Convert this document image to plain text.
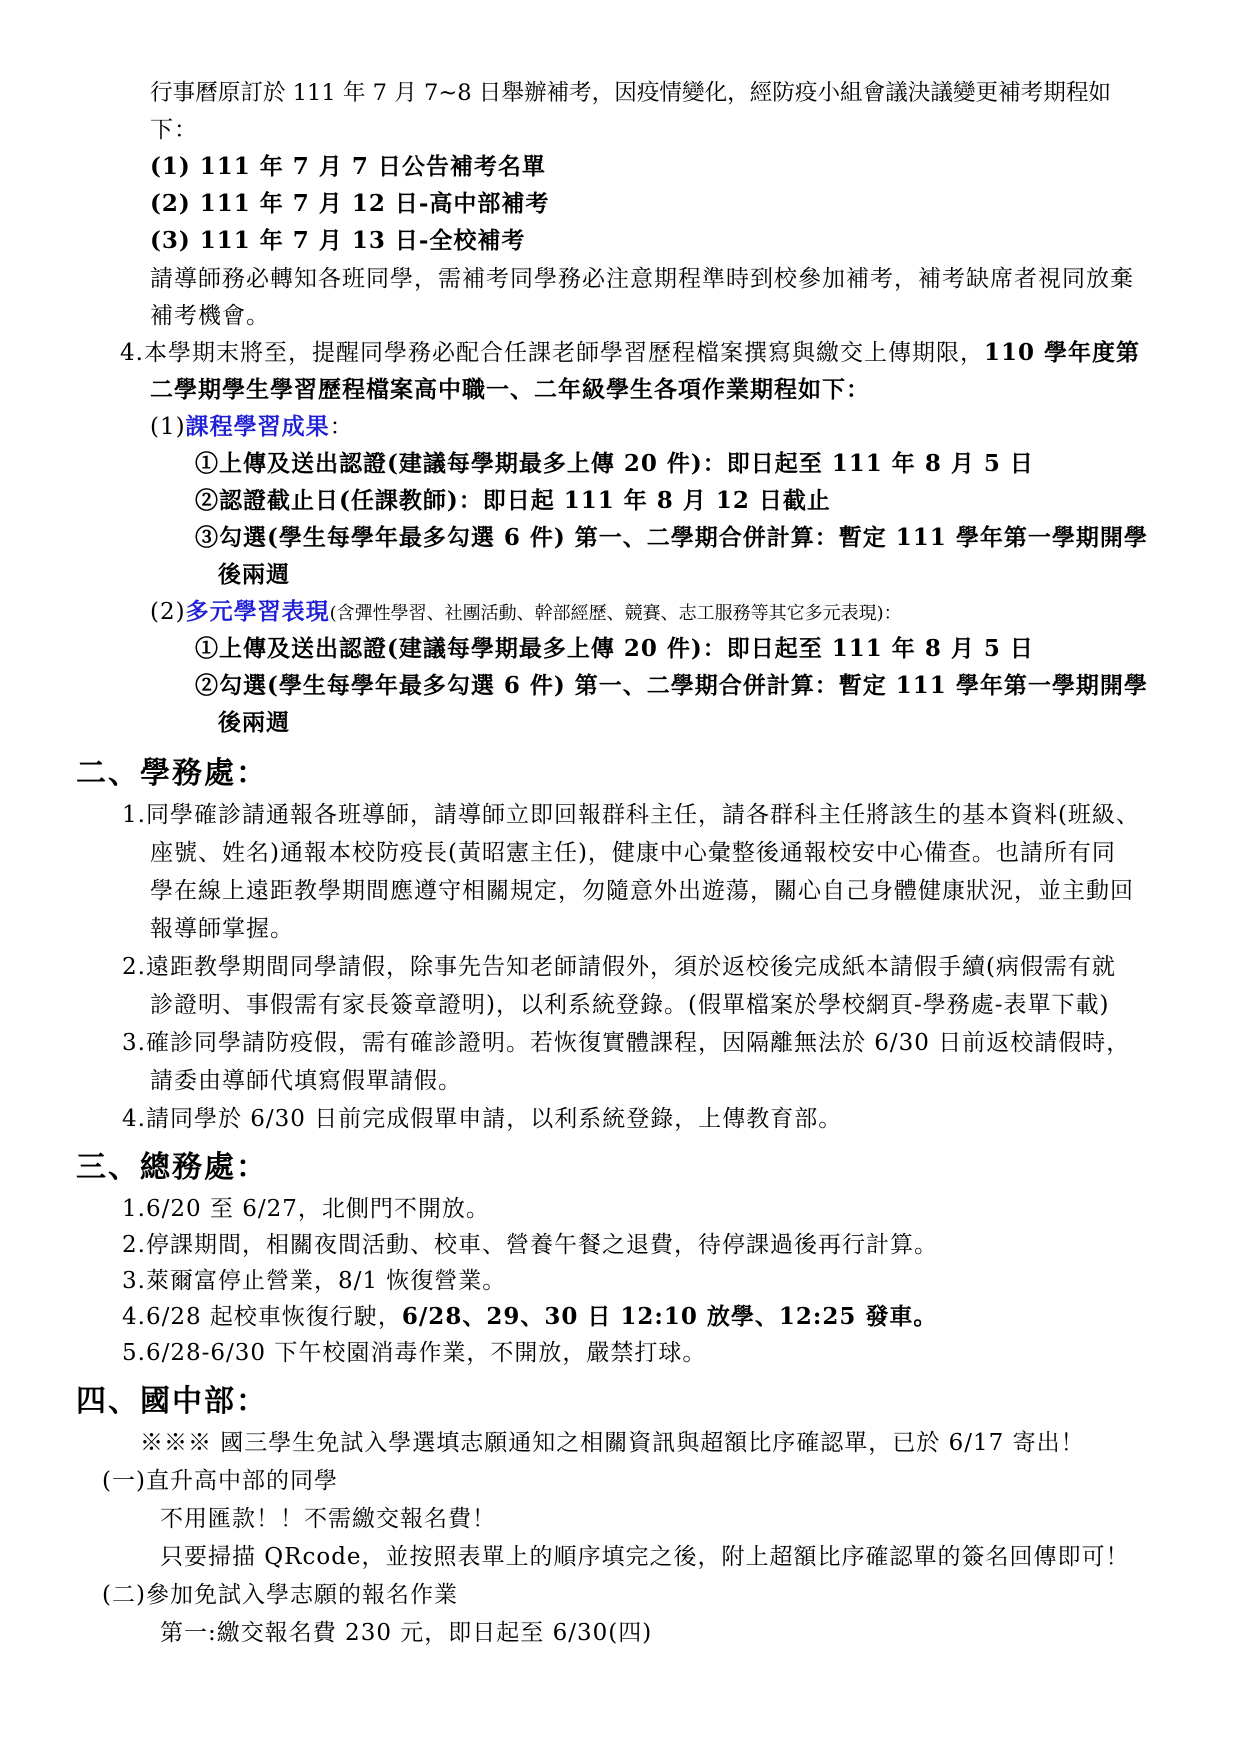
行事曆原訂於 111 年 7 月 7~8 日舉辦補考，因疫情變化，經防疫小組會議決議變更補考期程如
下：
(1) 111 年 7 月 7 日公告補考名單
(2) 111 年 7 月 12 日-高中部補考
(3) 111 年 7 月 13 日-全校補考
請導師務必轉知各班同學，需補考同學務必注意期程準時到校參加補考，補考缺席者視同放棄
補考機會。
4.本學期末將至，提醒同學務必配合任課老師學習歷程檔案撰寫與繳交上傳期限，110 學年度第
二學期學生學習歷程檔案高中職一、二年級學生各項作業期程如下：
(1)課程學習成果：
①上傳及送出認證(建議每學期最多上傳 20 件)：即日起至 111 年 8 月 5 日
②認證截止日(任課教師)：即日起 111 年 8 月 12 日截止
③勾選(學生每學年最多勾選 6 件) 第一、二學期合併計算：暫定 111 學年第一學期開學
後兩週
(2)多元學習表現(含彈性學習、社團活動、幹部經歷、競賽、志工服務等其它多元表現)：
①上傳及送出認證(建議每學期最多上傳 20 件)：即日起至 111 年 8 月 5 日
②勾選(學生每學年最多勾選 6 件) 第一、二學期合併計算：暫定 111 學年第一學期開學
後兩週
二、學務處：
1.同學確診請通報各班導師，請導師立即回報群科主任，請各群科主任將該生的基本資料(班級、
座號、姓名)通報本校防疫長(黃昭憲主任)，健康中心彙整後通報校安中心備查。也請所有同
學在線上遠距教學期間應遵守相關規定，勿隨意外出遊蕩，關心自己身體健康狀況，並主動回
報導師掌握。
2.遠距教學期間同學請假，除事先告知老師請假外，須於返校後完成紙本請假手續(病假需有就
診證明、事假需有家長簽章證明)，以利系統登錄。(假單檔案於學校網頁-學務處-表單下載)
3.確診同學請防疫假，需有確診證明。若恢復實體課程，因隔離無法於 6/30 日前返校請假時，
請委由導師代填寫假單請假。
4.請同學於 6/30 日前完成假單申請，以利系統登錄，上傳教育部。
三、總務處：
1.6/20 至 6/27，北側門不開放。
2.停課期間，相關夜間活動、校車、營養午餐之退費，待停課過後再行計算。
3.萊爾富停止營業，8/1 恢復營業。
4.6/28 起校車恢復行駛，6/28、29、30 日 12:10 放學、12:25 發車。
5.6/28-6/30 下午校園消毒作業，不開放，嚴禁打球。
四、國中部：
※※※ 國三學生免試入學選填志願通知之相關資訊與超額比序確認單，已於 6/17 寄出！
(一)直升高中部的同學
不用匯款！！不需繳交報名費！
只要掃描 QRcode，並按照表單上的順序填完之後，附上超額比序確認單的簽名回傳即可！
(二)參加免試入學志願的報名作業
第一:繳交報名費 230 元，即日起至 6/30(四)
